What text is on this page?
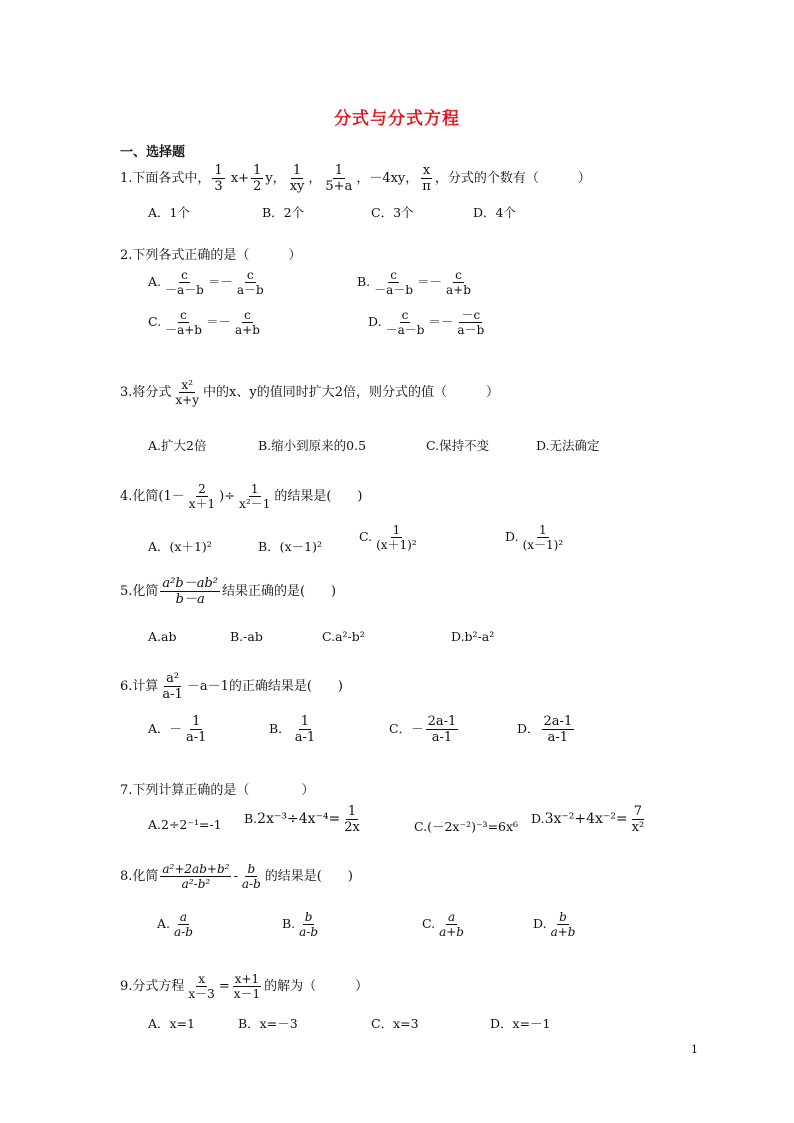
分式与分式方程
一、选择题
1.下面各式中， $\frac{1}{3} x+ \frac{1}{2}$ y， $\frac{1}{xy}$ ， $\frac{1}{5+a}$ ，－4xy， $\frac{x}{\pi}$ ，分式的个数有（　　　）
A．1个	B．2个	C．3个	D．4个
2.下列各式正确的是（　　　）
A. $\frac{c}{-a-b} =- \frac{c}{a-b}$	B. $\frac{c}{-a-b} =- \frac{c}{a+b}$
C. $\frac{c}{-a+b} =- \frac{c}{a+b}$	D. $\frac{c}{-a-b} =- \frac{-c}{a-b}$
3.将分式 $\frac{\text{x²}}{x+y}$ 中的x、y的值同时扩大2倍，则分式的值（　　　）
A.扩大2倍	B.缩小到原来的0.5	C.保持不变	D.无法确定
4.化简($1- \frac{2}{x+1}$ )÷ $\frac{1}{\text{x²－1}}$ 的结果是(　　)
A．(x＋1)²	B．(x－1)²
C. $\frac{1}{\text{(x＋1)²}}$	D. $\frac{1}{\text{(x－1)²}}$
5.化简 $\frac{\text{a²b－ab²}}{b-a}$ 结果正确的是(　　)
A.ab	B.-ab	C.a²-b²	D.b²-a²
6.计算 $\frac{\text{a²}}{a-1} -a-1$的正确结果是(　　)
A．－ $\frac{1}{a-1}$	B． $\frac{1}{a-1}$	C．－ $\frac{2a-1}{a-1}$	D． $\frac{2a-1}{a-1}$
7.下列计算正确的是（　　　　）
A.2÷2⁻¹=-1 $B.2x^{-3}\div 4x^{-4}= \frac{1}{2x}$	C.(－2x⁻²)⁻³=6x⁶
$D.3x^{-2}+4x^{-2}= \frac{7}{\text{x²}}$
8.化简 $\frac{\text{a²+2ab+b²}}{\text{a²-b²}} - \frac{b}{a-b}$ 的结果是(　　)
A. $\frac{a}{a-b}$	B. $\frac{b}{a-b}$	C. $\frac{a}{a+b}$	D. $\frac{b}{a+b}$
9.分式方程 $\frac{x}{x-3} = \frac{x+1}{x-1}$ 的解为（　　　）
A．x=1	B．x=－3	C．x=3	D．x=－1
1
